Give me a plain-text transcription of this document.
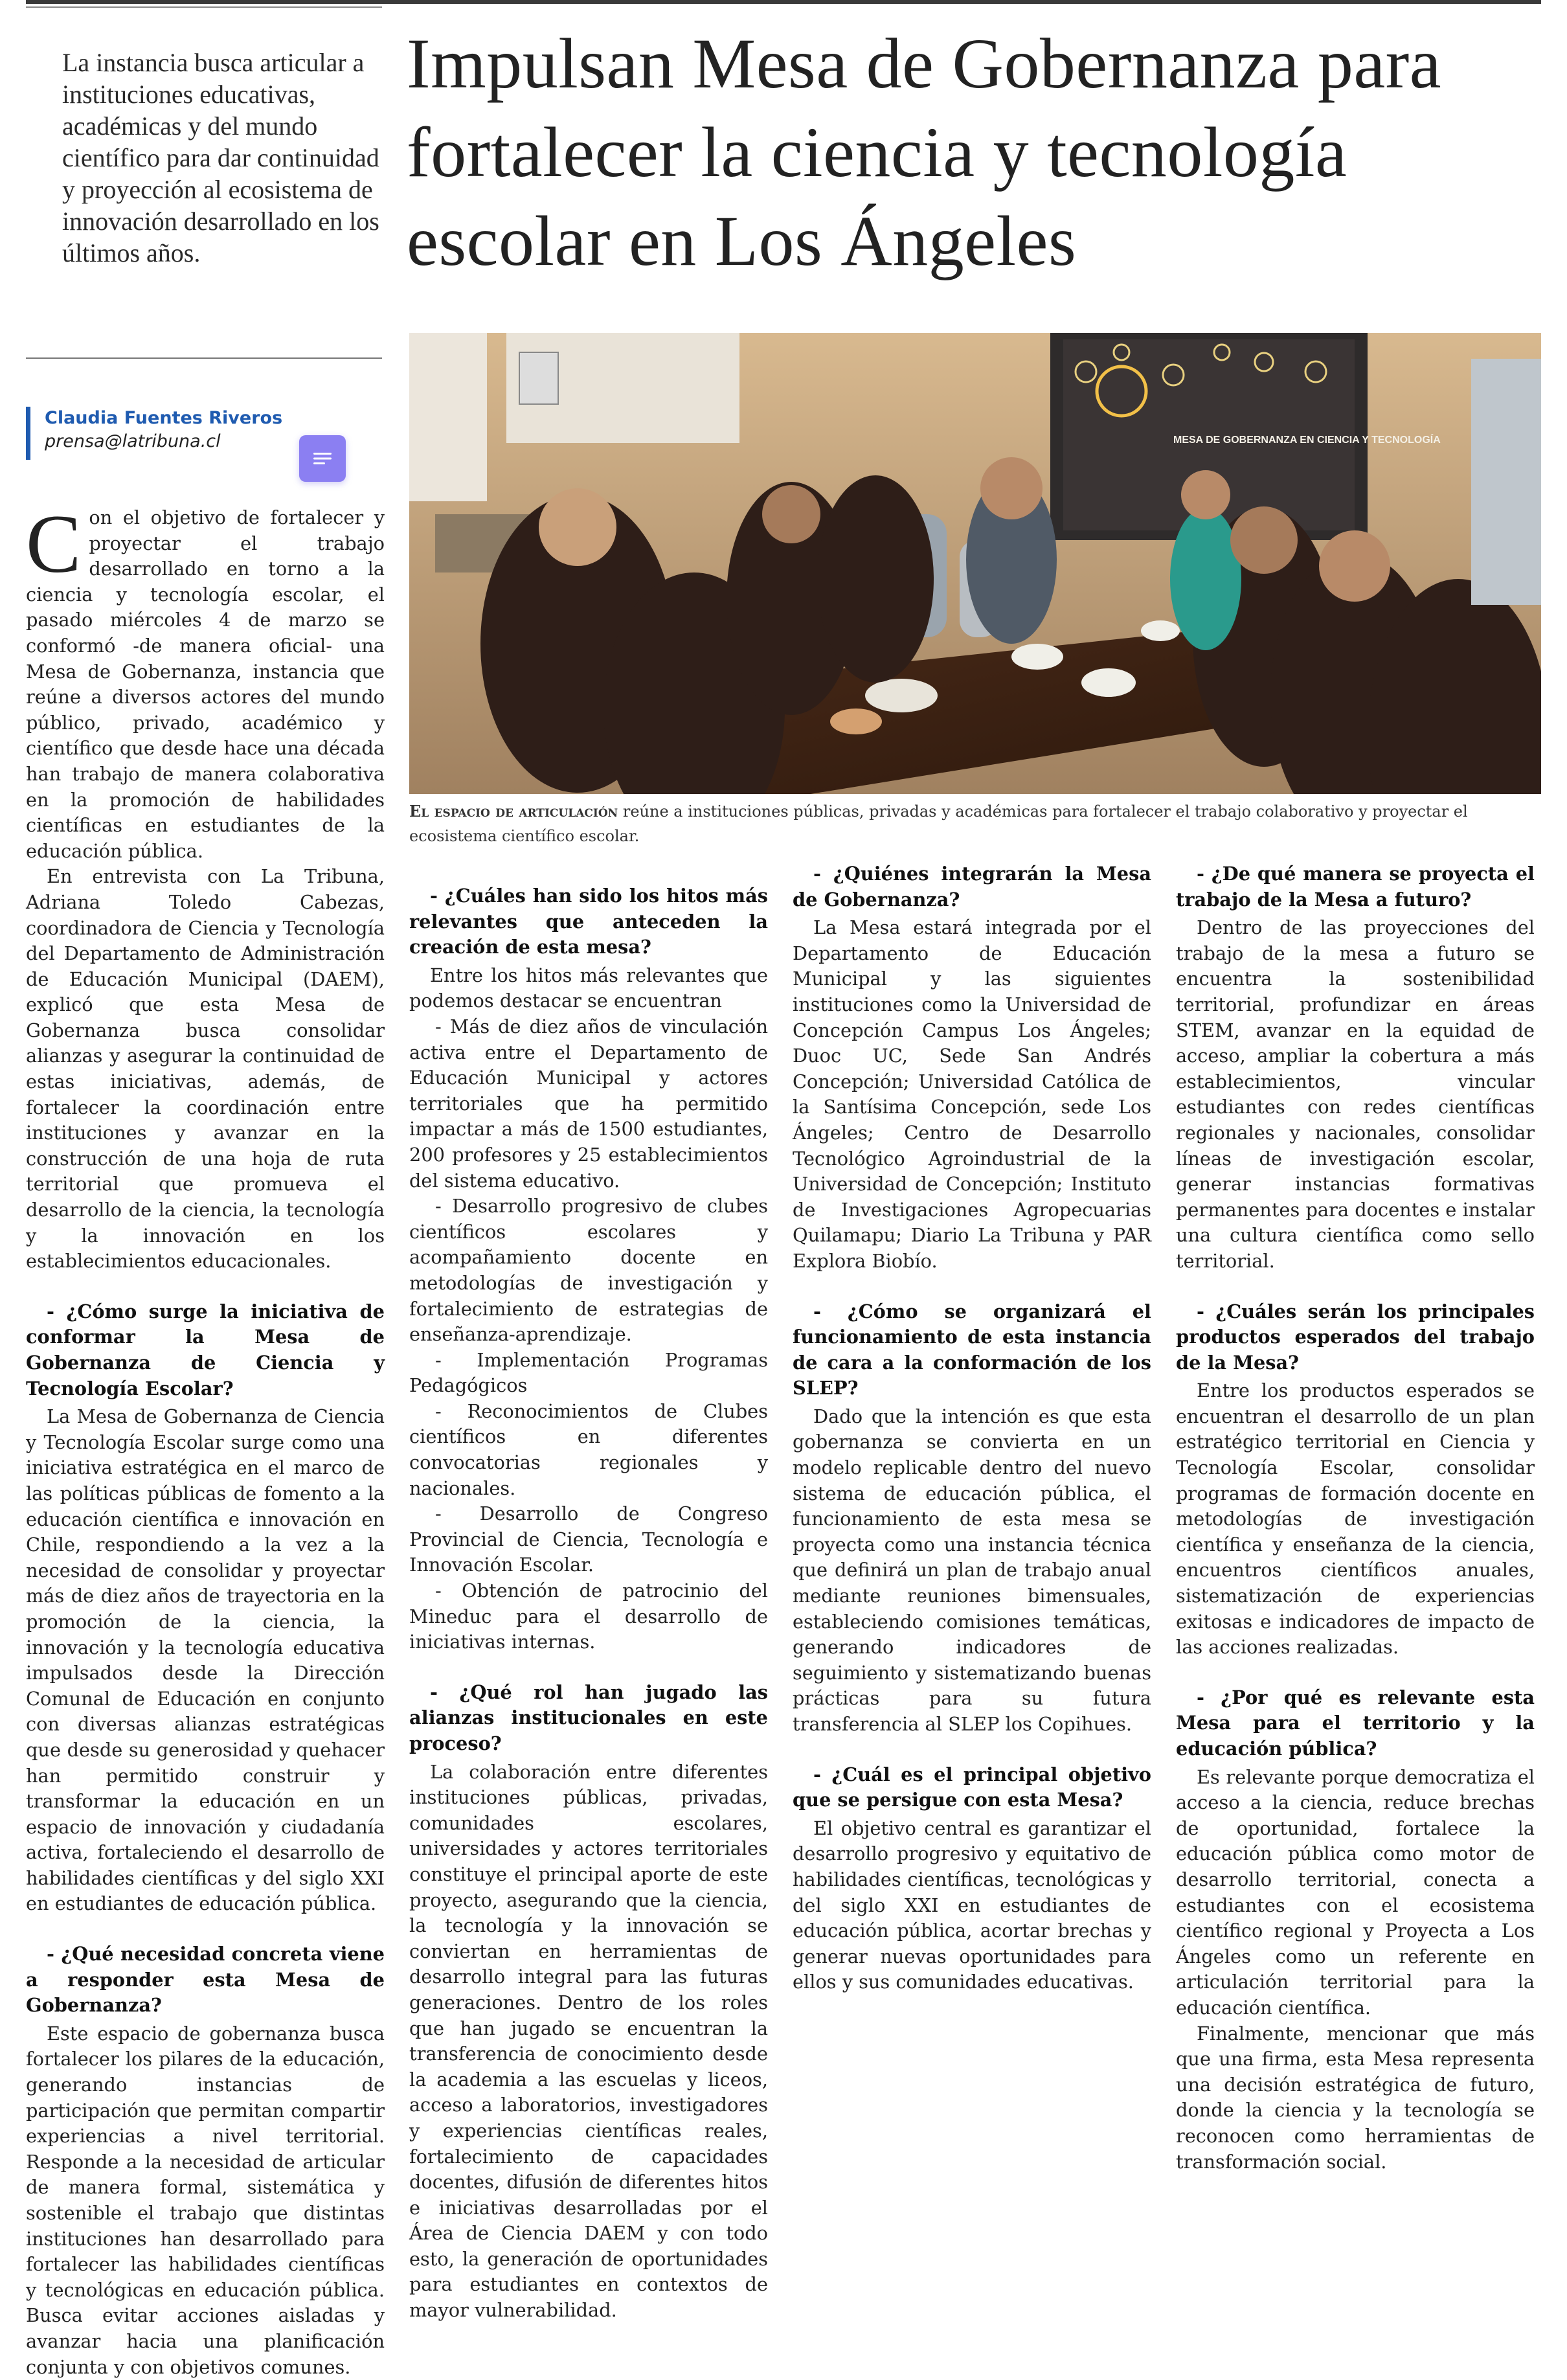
La instancia busca articular a instituciones educativas, académicas y del mundo científico para dar continuidad y proyección al ecosistema de innovación desarrollado en los últimos años.
Impulsan Mesa de Gobernanza para fortalecer la ciencia y tecnología escolar en Los Ángeles
Claudia Fuentes Riveros
prensa@latribuna.cl	MESA DE GOBERNANZA EN CIENCIA Y TECNOLOGÍA
El espacio de articulación reúne a instituciones públicas, privadas y académicas para fortalecer el trabajo colaborativo y proyectar el ecosistema científico escolar.

Con el objetivo de fortalecer y proyectar el trabajo desarrollado en torno a la ciencia y tecnología escolar, el pasado miércoles 4 de marzo se conformó -de manera oficial- una Mesa de Gobernanza, instancia que reúne a diversos actores del mundo público, privado, académico y científico que desde hace una década han trabajo de manera colaborativa en la promoción de habilidades científicas en estudiantes de la educación pública.

En entrevista con La Tribuna, Adriana Toledo Cabezas, coordinadora de Ciencia y Tecnología del Departamento de Administración de Educación Municipal (DAEM), explicó que esta Mesa de Gobernanza busca consolidar alianzas y asegurar la continuidad de estas iniciativas, además, de fortalecer la coordinación entre instituciones y avanzar en la construcción de una hoja de ruta territorial que promueva el desarrollo de la ciencia, la tecnología y la innovación en los establecimientos educacionales.

- ¿Cómo surge la iniciativa de conformar la Mesa de Gobernanza de Ciencia y Tecnología Escolar?

La Mesa de Gobernanza de Ciencia y Tecnología Escolar surge como una iniciativa estratégica en el marco de las políticas públicas de fomento a la educación científica e innovación en Chile, respondiendo a la vez a la necesidad de consolidar y proyectar más de diez años de trayectoria en la promoción de la ciencia, la innovación y la tecnología educativa impulsados desde la Dirección Comunal de Educación en conjunto con diversas alianzas estratégicas que desde su generosidad y quehacer han permitido construir y transformar la educación en un espacio de innovación y ciudadanía activa, fortaleciendo el desarrollo de habilidades científicas y del siglo XXI en estudiantes de educación pública.

- ¿Qué necesidad concreta viene a responder esta Mesa de Gobernanza?

Este espacio de gobernanza busca fortalecer los pilares de la educación, generando instancias de participación que permitan compartir experiencias a nivel territorial. Responde a la necesidad de articular de manera formal, sistemática y sostenible el trabajo que distintas instituciones han desarrollado para fortalecer las habilidades científicas y tecnológicas en educación pública. Busca evitar acciones aisladas y avanzar hacia una planificación conjunta y con objetivos comunes.

- ¿Cuáles han sido los hitos más relevantes que anteceden la creación de esta mesa?

Entre los hitos más relevantes que podemos destacar se encuentran

- Más de diez años de vinculación activa entre el Departamento de Educación Municipal y actores territoriales que ha permitido impactar a más de 1500 estudiantes, 200 profesores y 25 establecimientos del sistema educativo.

- Desarrollo progresivo de clubes científicos escolares y acompañamiento docente en metodologías de investigación y fortalecimiento de estrategias de enseñanza-aprendizaje.

- Implementación Programas Pedagógicos

- Reconocimientos de Clubes científicos en diferentes convocatorias regionales y nacionales.

- Desarrollo de Congreso Provincial de Ciencia, Tecnología e Innovación Escolar.

- Obtención de patrocinio del Mineduc para el desarrollo de iniciativas internas.

- ¿Qué rol han jugado las alianzas institucionales en este proceso?

La colaboración entre diferentes instituciones públicas, privadas, comunidades escolares, universidades y actores territoriales constituye el principal aporte de este proyecto, asegurando que la ciencia, la tecnología y la innovación se conviertan en herramientas de desarrollo integral para las futuras generaciones. Dentro de los roles que han jugado se encuentran la transferencia de conocimiento desde la academia a las escuelas y liceos, acceso a laboratorios, investigadores y experiencias científicas reales, fortalecimiento de capacidades docentes, difusión de diferentes hitos e iniciativas desarrolladas por el Área de Ciencia DAEM y con todo esto, la generación de oportunidades para estudiantes en contextos de mayor vulnerabilidad.

- ¿Quiénes integrarán la Mesa de Gobernanza?

La Mesa estará integrada por el Departamento de Educación Municipal y las siguientes instituciones como la Universidad de Concepción Campus Los Ángeles; Duoc UC, Sede San Andrés Concepción; Universidad Católica de la Santísima Concepción, sede Los Ángeles; Centro de Desarrollo Tecnológico Agroindustrial de la Universidad de Concepción; Instituto de Investigaciones Agropecuarias Quilamapu; Diario La Tribuna y PAR Explora Biobío.

- ¿Cómo se organizará el funcionamiento de esta instancia de cara a la conformación de los SLEP?

Dado que la intención es que esta gobernanza se convierta en un modelo replicable dentro del nuevo sistema de educación pública, el funcionamiento de esta mesa se proyecta como una instancia técnica que definirá un plan de trabajo anual mediante reuniones bimensuales, estableciendo comisiones temáticas, generando indicadores de seguimiento y sistematizando buenas prácticas para su futura transferencia al SLEP los Copihues.

- ¿Cuál es el principal objetivo que se persigue con esta Mesa?

El objetivo central es garantizar el desarrollo progresivo y equitativo de habilidades científicas, tecnológicas y del siglo XXI en estudiantes de educación pública, acortar brechas y generar nuevas oportunidades para ellos y sus comunidades educativas.

- ¿De qué manera se proyecta el trabajo de la Mesa a futuro?

Dentro de las proyecciones del trabajo de la mesa a futuro se encuentra la sostenibilidad territorial, profundizar en áreas STEM, avanzar en la equidad de acceso, ampliar la cobertura a más establecimientos, vincular estudiantes con redes científicas regionales y nacionales, consolidar líneas de investigación escolar, generar instancias formativas permanentes para docentes e instalar una cultura científica como sello territorial.

- ¿Cuáles serán los principales productos esperados del trabajo de la Mesa?

Entre los productos esperados se encuentran el desarrollo de un plan estratégico territorial en Ciencia y Tecnología Escolar, consolidar programas de formación docente en metodologías de investigación científica y enseñanza de la ciencia, encuentros científicos anuales, sistematización de experiencias exitosas e indicadores de impacto de las acciones realizadas.

- ¿Por qué es relevante esta Mesa para el territorio y la educación pública?

Es relevante porque democratiza el acceso a la ciencia, reduce brechas de oportunidad, fortalece la educación pública como motor de desarrollo territorial, conecta a estudiantes con el ecosistema científico regional y Proyecta a Los Ángeles como un referente en articulación territorial para la educación científica.

Finalmente, mencionar que más que una firma, esta Mesa representa una decisión estratégica de futuro, donde la ciencia y la tecnología se reconocen como herramientas de transformación social.
